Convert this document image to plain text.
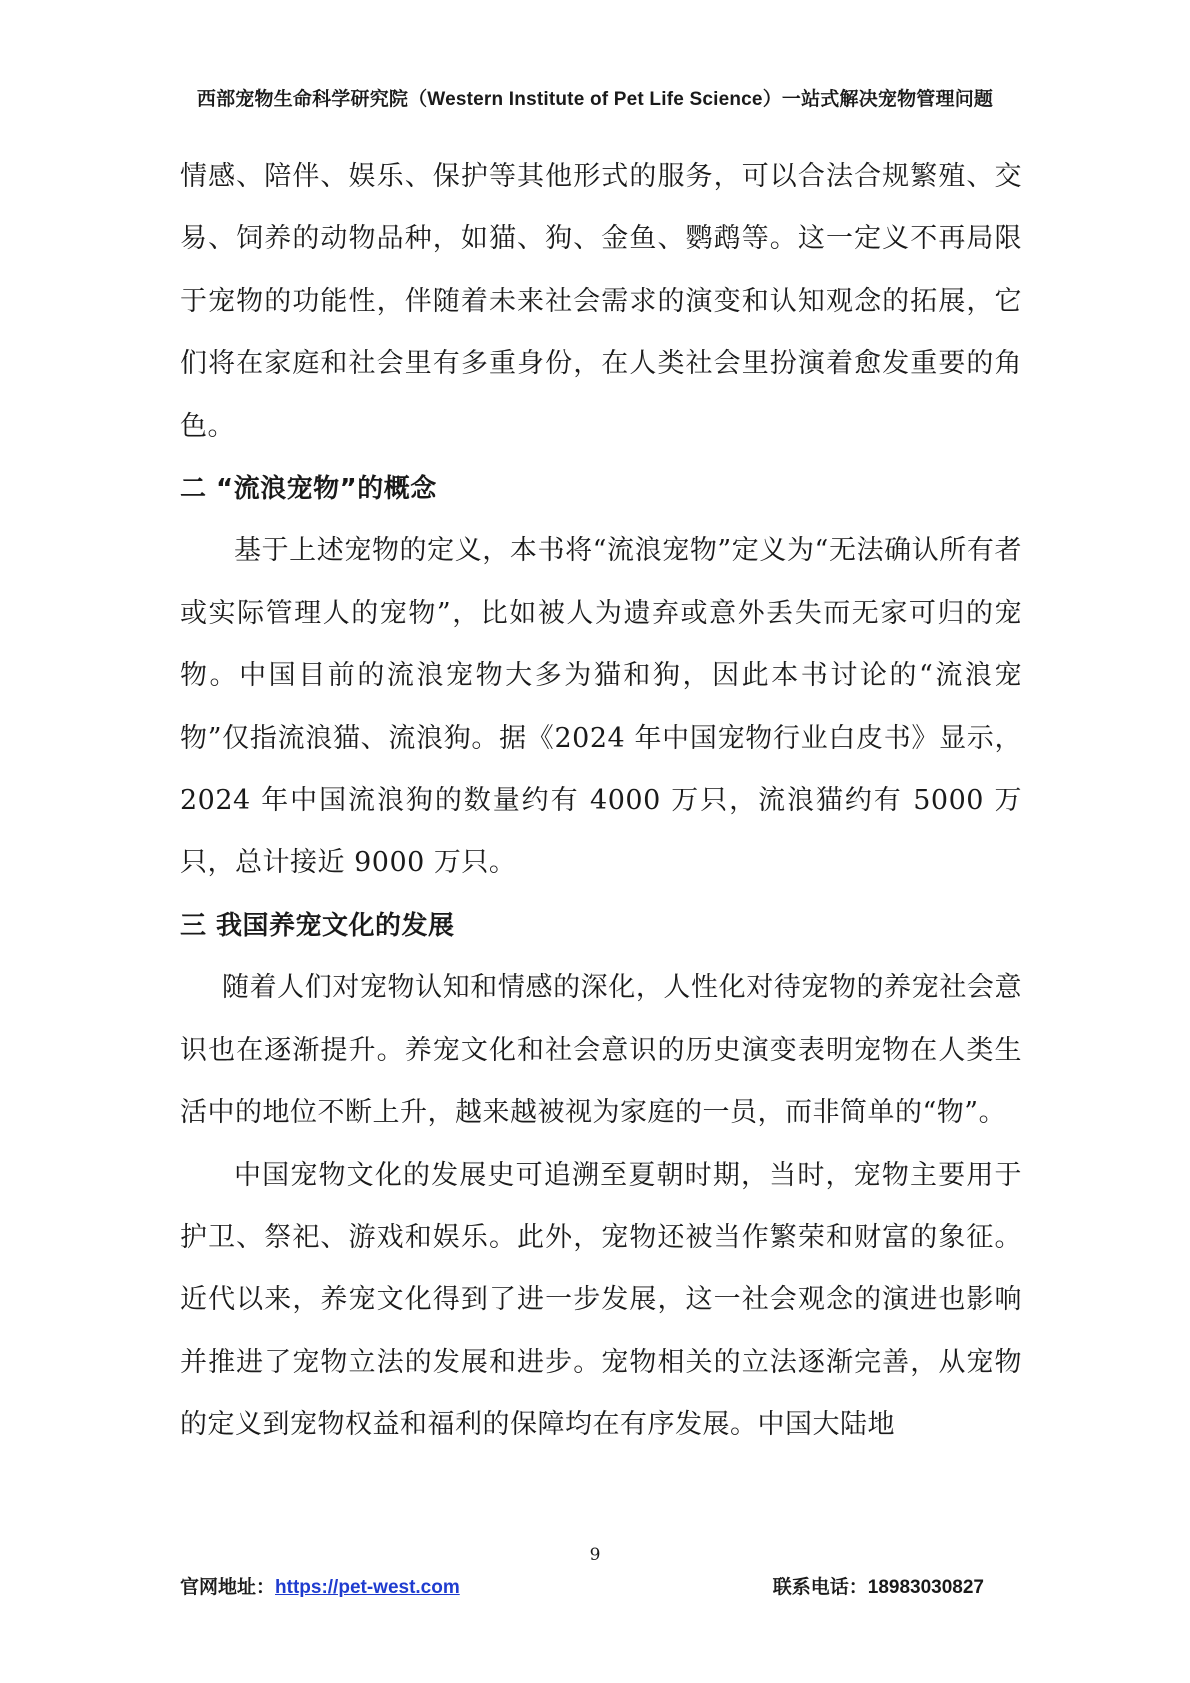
西部宠物生命科学研究院（Western Institute of Pet Life Science）一站式解决宠物管理问题

情感、陪伴、娱乐、保护等其他形式的服务，可以合法合规繁殖、交易、饲养的动物品种，如猫、狗、金鱼、鹦鹉等。这一定义不再局限于宠物的功能性，伴随着未来社会需求的演变和认知观念的拓展，它们将在家庭和社会里有多重身份，在人类社会里扮演着愈发重要的角色。

二 “流浪宠物”的概念

基于上述宠物的定义，本书将“流浪宠物”定义为“无法确认所有者或实际管理人的宠物”，比如被人为遗弃或意外丢失而无家可归的宠物。中国目前的流浪宠物大多为猫和狗，因此本书讨论的“流浪宠物”仅指流浪猫、流浪狗。据《2024 年中国宠物行业白皮书》显示，2024 年中国流浪狗的数量约有 4000 万只，流浪猫约有 5000 万只，总计接近 9000 万只。

三 我国养宠文化的发展

随着人们对宠物认知和情感的深化，人性化对待宠物的养宠社会意识也在逐渐提升。养宠文化和社会意识的历史演变表明宠物在人类生活中的地位不断上升，越来越被视为家庭的一员，而非简单的“物”。

中国宠物文化的发展史可追溯至夏朝时期，当时，宠物主要用于护卫、祭祀、游戏和娱乐。此外，宠物还被当作繁荣和财富的象征。近代以来，养宠文化得到了进一步发展，这一社会观念的演进也影响并推进了宠物立法的发展和进步。宠物相关的立法逐渐完善，从宠物的定义到宠物权益和福利的保障均在有序发展。中国大陆地

9
官网地址：https://pet-west.com	联系电话：18983030827
